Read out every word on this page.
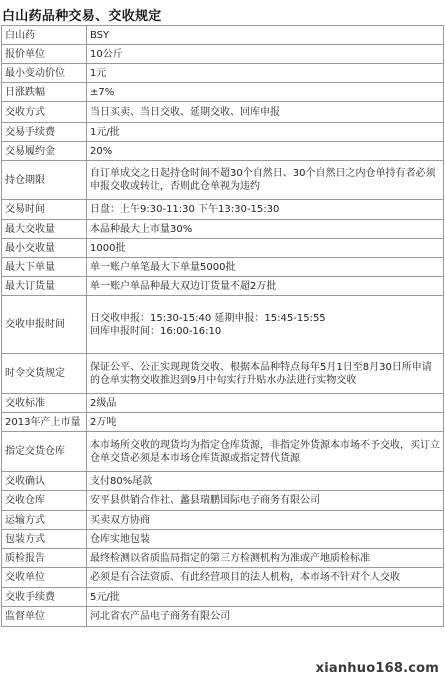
白山药品种交易、交收规定
白山药	BSY
报价单位	10公斤
最小变动价位	1元
日涨跌幅	±7%
交收方式	当日买卖、当日交收、延期交收、回库申报
交易手续费	1元/批
交易履约金	20%
持仓期限	自订单成交之日起持仓时间不超30个自然日、30个自然日之内仓单持有者必须申报交收或转让，否则此仓单视为违约
交易时间	日盘：上午9:30-11:30 下午13:30-15:30
最大交收量	本品种最大上市量30%
最小交收量	1000批
最大下单量	单一账户单笔最大下单量5000批
最大订货量	单一账户单品种最大双边订货量不超2万批
交收申报时间	日交收申报：15:30-15:40 延期申报：15:45-15:55
回库申报时间：16:00-16:10
时令交货规定	保证公平、公正实现现货交收、根据本品种特点每年5月1日至8月30日所申请的仓单实物交收推迟到9月中旬实行升贴水办法进行实物交收
交收标准	2级品
2013年产上市量	2万吨
指定交货仓库	本市场所交收的现货均为指定仓库货源，非指定外货源本市场不予交收，买订立仓单交货必须是本市场仓库货源或指定替代货源
交收确认	支付80%尾款
交收仓库	安平县供销合作社、蠡县瑞鹏国际电子商务有限公司
运输方式	买卖双方协商
包装方式	仓库实地包装
质检报告	最终检测以省质监局指定的第三方检测机构为准或产地质检标准
交收单位	必须是有合法资质、有此经营项目的法人机构，本市场不针对个人交收
交收手续费	5元/批
监督单位	河北省农产品电子商务有限公司
xianhuo168.com
